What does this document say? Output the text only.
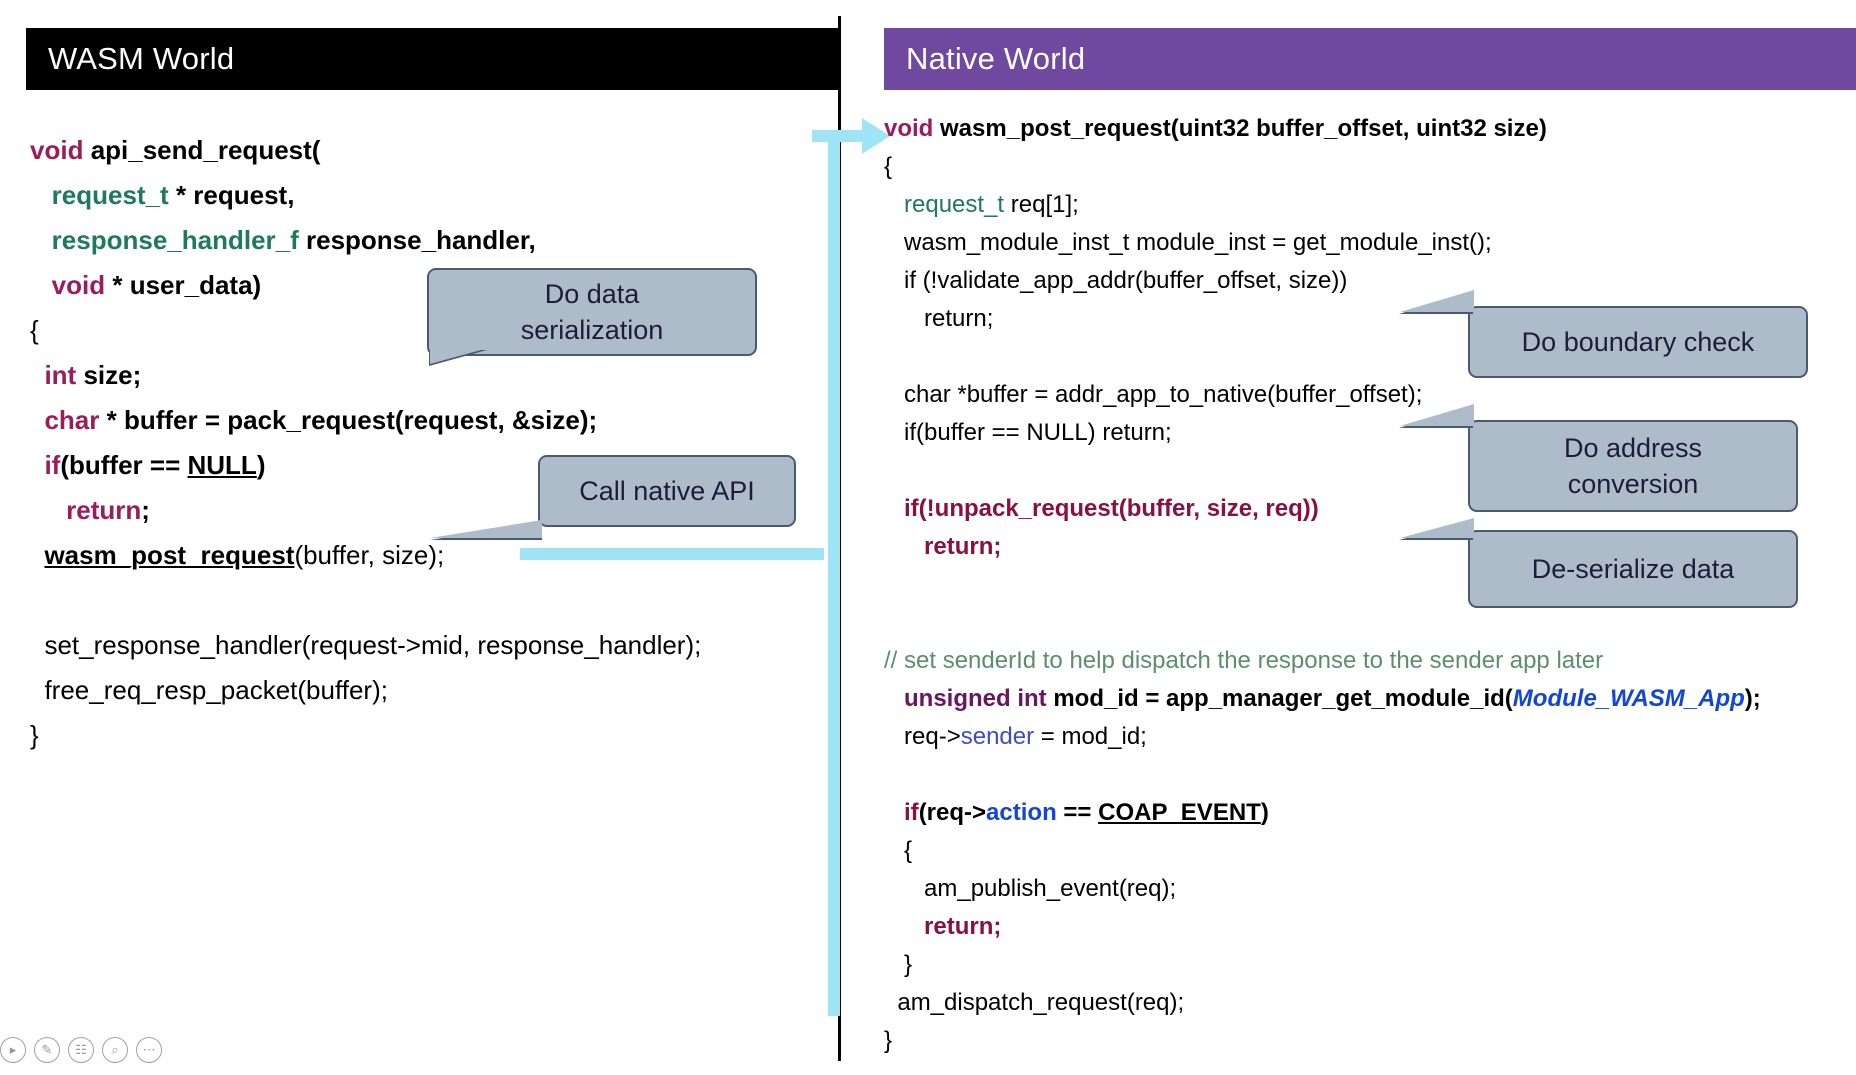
WASM World	Native World
void api_send_request(
request_t * request,
response_handler_f response_handler,
void * user_data)
{
int size;
char * buffer = pack_request(request, &size);
if(buffer == NULL)
return;
wasm_post_request(buffer, size);

set_response_handler(request->mid, response_handler);
free_req_resp_packet(buffer);
}
void wasm_post_request(uint32 buffer_offset, uint32 size)
{
request_t req[1];
wasm_module_inst_t module_inst = get_module_inst();
if (!validate_app_addr(buffer_offset, size))
return;

char *buffer = addr_app_to_native(buffer_offset);
if(buffer == NULL) return;

if(!unpack_request(buffer, size, req))
return;

// set senderId to help dispatch the response to the sender app later
unsigned int mod_id = app_manager_get_module_id(Module_WASM_App);
req->sender = mod_id;

if(req->action == COAP_EVENT)
{
am_publish_event(req);
return;
}
am_dispatch_request(req);
}
Do data
serialization
Call native API
Do boundary check
Do address
conversion
De-serialize data
▸	✎	☷	⌕	⋯
